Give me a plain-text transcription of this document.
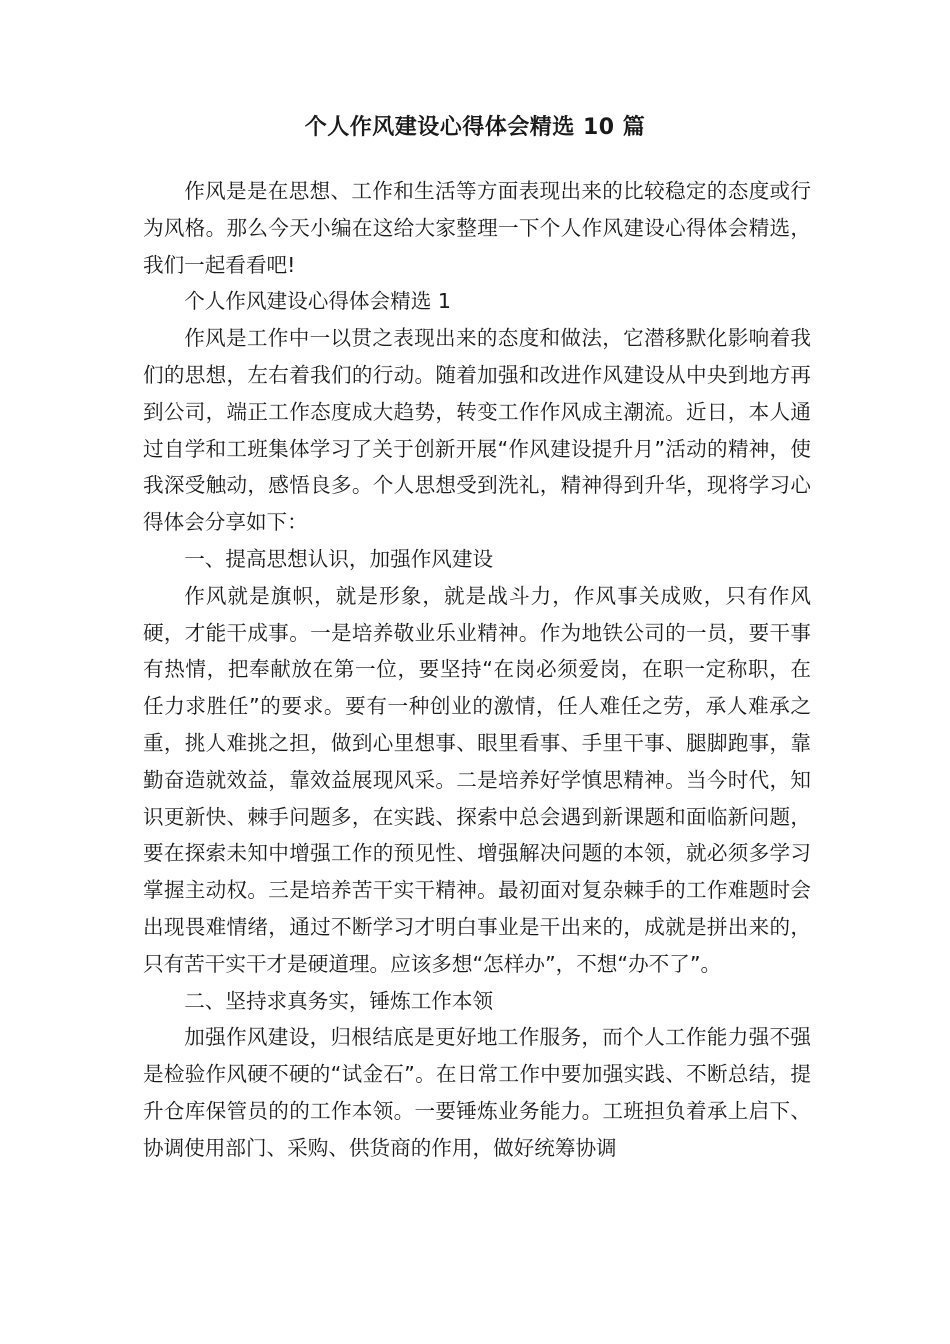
个人作风建设心得体会精选 10 篇

作风是是在思想、工作和生活等方面表现出来的比较稳定的态度或行为风格。那么今天小编在这给大家整理一下个人作风建设心得体会精选，我们一起看看吧!

个人作风建设心得体会精选 1

作风是工作中一以贯之表现出来的态度和做法，它潜移默化影响着我们的思想，左右着我们的行动。随着加强和改进作风建设从中央到地方再到公司，端正工作态度成大趋势，转变工作作风成主潮流。近日，本人通过自学和工班集体学习了关于创新开展“作风建设提升月”活动的精神，使我深受触动，感悟良多。个人思想受到洗礼，精神得到升华，现将学习心得体会分享如下：

一、提高思想认识，加强作风建设

作风就是旗帜，就是形象，就是战斗力，作风事关成败，只有作风硬，才能干成事。一是培养敬业乐业精神。作为地铁公司的一员，要干事有热情，把奉献放在第一位，要坚持“在岗必须爱岗，在职一定称职，在任力求胜任”的要求。要有一种创业的激情，任人难任之劳，承人难承之重，挑人难挑之担，做到心里想事、眼里看事、手里干事、腿脚跑事，靠勤奋造就效益，靠效益展现风采。二是培养好学慎思精神。当今时代，知识更新快、棘手问题多，在实践、探索中总会遇到新课题和面临新问题，要在探索未知中增强工作的预见性、增强解决问题的本领，就必须多学习掌握主动权。三是培养苦干实干精神。最初面对复杂棘手的工作难题时会出现畏难情绪，通过不断学习才明白事业是干出来的，成就是拼出来的，只有苦干实干才是硬道理。应该多想“怎样办”，不想“办不了”。

二、坚持求真务实，锤炼工作本领

加强作风建设，归根结底是更好地工作服务，而个人工作能力强不强是检验作风硬不硬的“试金石”。在日常工作中要加强实践、不断总结，提升仓库保管员的的工作本领。一要锤炼业务能力。工班担负着承上启下、协调使用部门、采购、供货商的作用，做好统筹协调
